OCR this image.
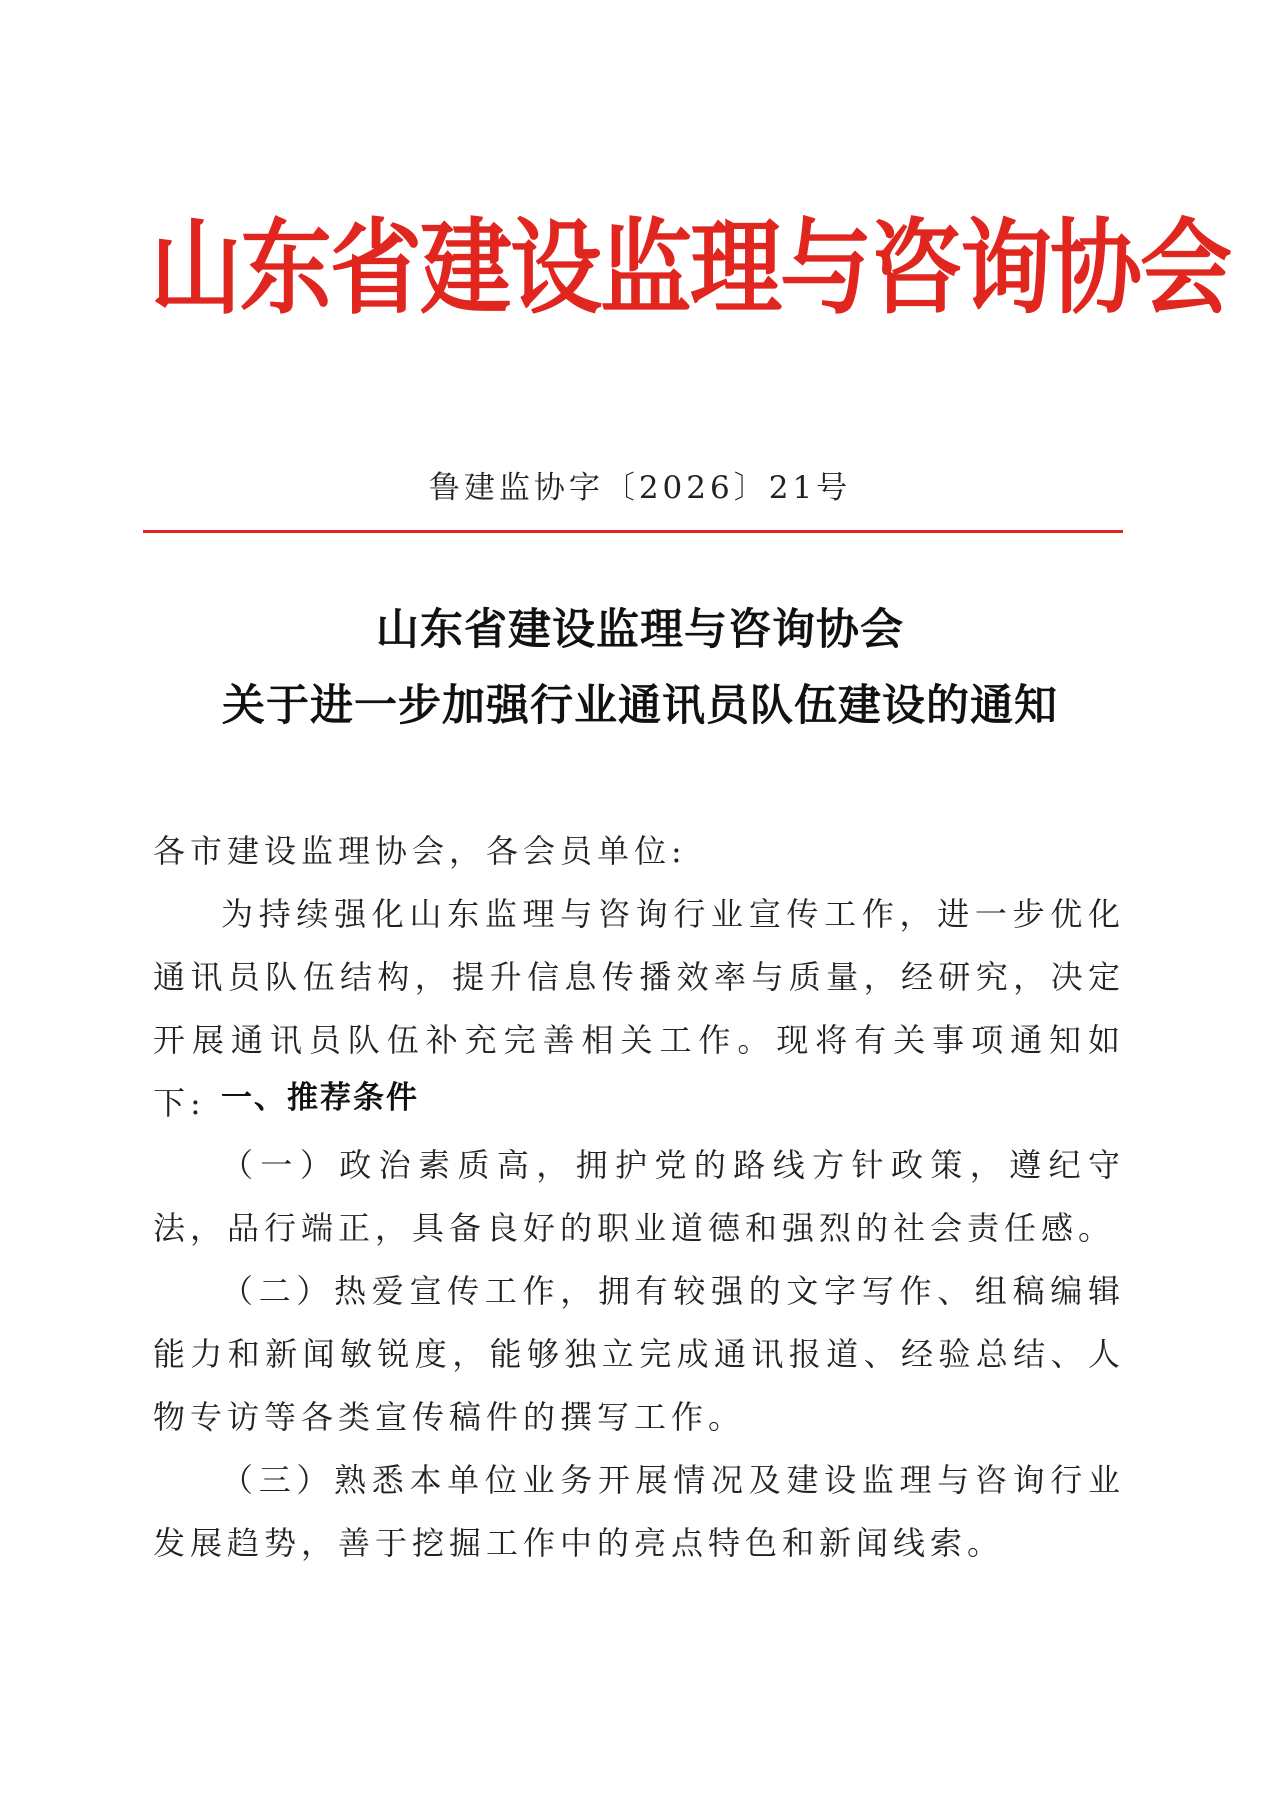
山东省建设监理与咨询协会
鲁建监协字〔2026〕21号
山东省建设监理与咨询协会
关于进一步加强行业通讯员队伍建设的通知
各市建设监理协会，各会员单位:

为持续强化山东监理与咨询行业宣传工作，进一步优化通讯员队伍结构，提升信息传播效率与质量，经研究，决定开展通讯员队伍补充完善相关工作。现将有关事项通知如下: 一、推荐条件

（一）政治素质高，拥护党的路线方针政策，遵纪守法，品行端正，具备良好的职业道德和强烈的社会责任感。

（二）热爱宣传工作，拥有较强的文字写作、组稿编辑能力和新闻敏锐度，能够独立完成通讯报道、经验总结、人物专访等各类宣传稿件的撰写工作。

（三）熟悉本单位业务开展情况及建设监理与咨询行业发展趋势，善于挖掘工作中的亮点特色和新闻线索。
